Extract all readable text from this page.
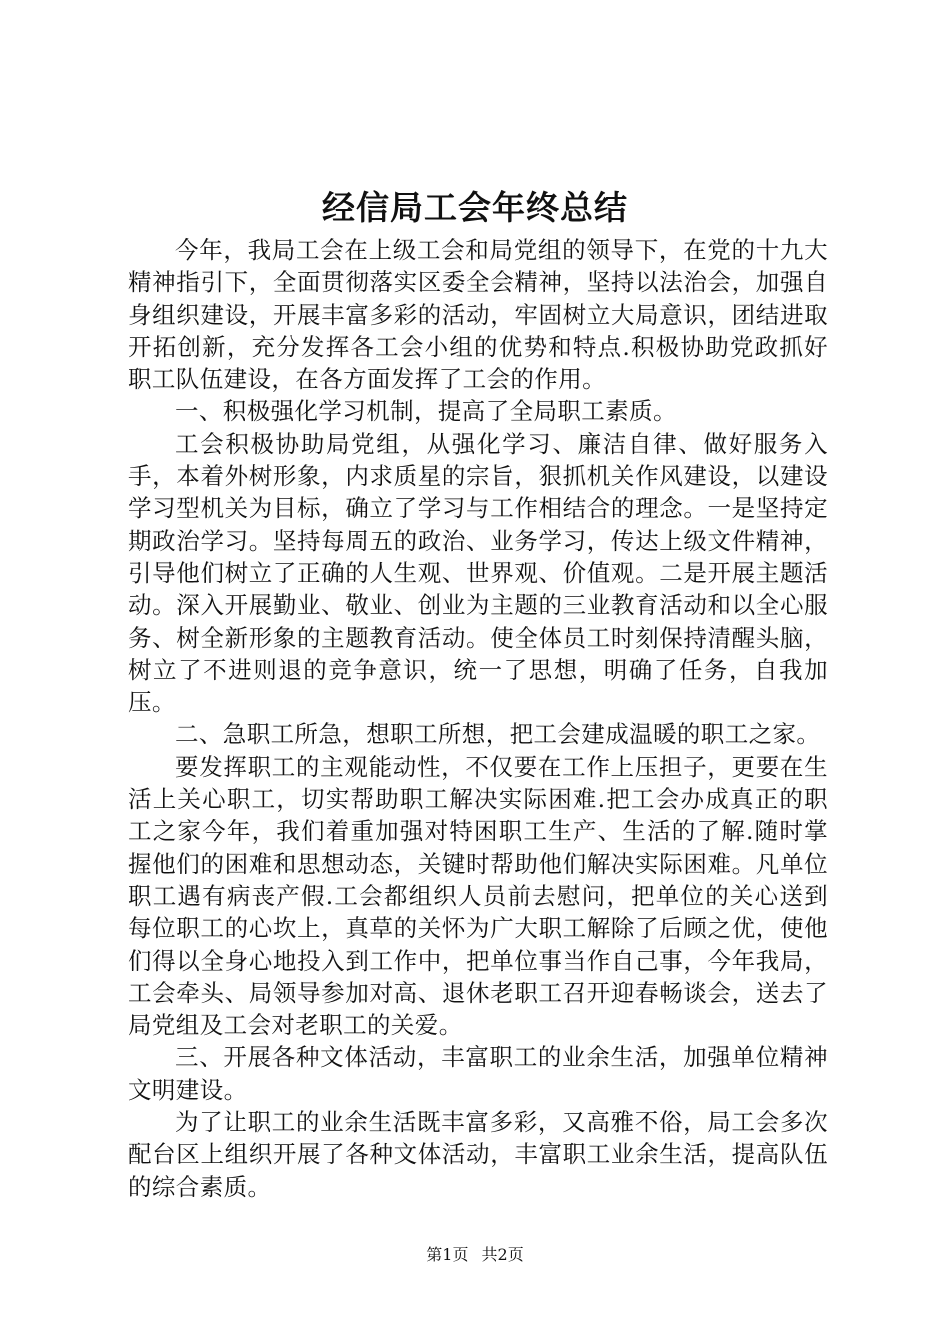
经信局工会年终总结

今年，我局工会在上级工会和局党组的领导下，在党的十九大精神指引下，全面贯彻落实区委全会精神，坚持以法治会，加强自身组织建设，开展丰富多彩的活动，牢固树立大局意识，团结进取开拓创新，充分发挥各工会小组的优势和特点.积极协助党政抓好职工队伍建设，在各方面发挥了工会的作用。

一、积极强化学习机制，提高了全局职工素质。

工会积极协助局党组，从强化学习、廉洁自律、做好服务入手，本着外树形象，内求质星的宗旨，狠抓机关作风建设，以建设学习型机关为目标，确立了学习与工作相结合的理念。一是坚持定期政治学习。坚持每周五的政治、业务学习，传达上级文件精神，引导他们树立了正确的人生观、世界观、价值观。二是开展主题活动。深入开展勤业、敬业、创业为主题的三业教育活动和以全心服务、树全新形象的主题教育活动。使全体员工时刻保持清醒头脑，树立了不进则退的竞争意识，统一了思想，明确了任务，自我加压。

二、急职工所急，想职工所想，把工会建成温暖的职工之家。

要发挥职工的主观能动性，不仅要在工作上压担子，更要在生活上关心职工，切实帮助职工解决实际困难.把工会办成真正的职工之家今年，我们着重加强对特困职工生产、生活的了解.随时掌握他们的困难和思想动态，关键时帮助他们解决实际困难。凡单位职工遇有病丧产假.工会都组织人员前去慰问，把单位的关心送到每位职工的心坎上，真草的关怀为广大职工解除了后顾之优，使他们得以全身心地投入到工作中，把单位事当作自己事，今年我局，工会牵头、局领导参加对高、退休老职工召开迎春畅谈会，送去了局党组及工会对老职工的关爱。

三、开展各种文体活动，丰富职工的业余生活，加强单位精神文明建设。

为了让职工的业余生活既丰富多彩，又高雅不俗，局工会多次配台区上组织开展了各种文体活动，丰富职工业余生活，提高队伍的综合素质。

第1页 共2页
